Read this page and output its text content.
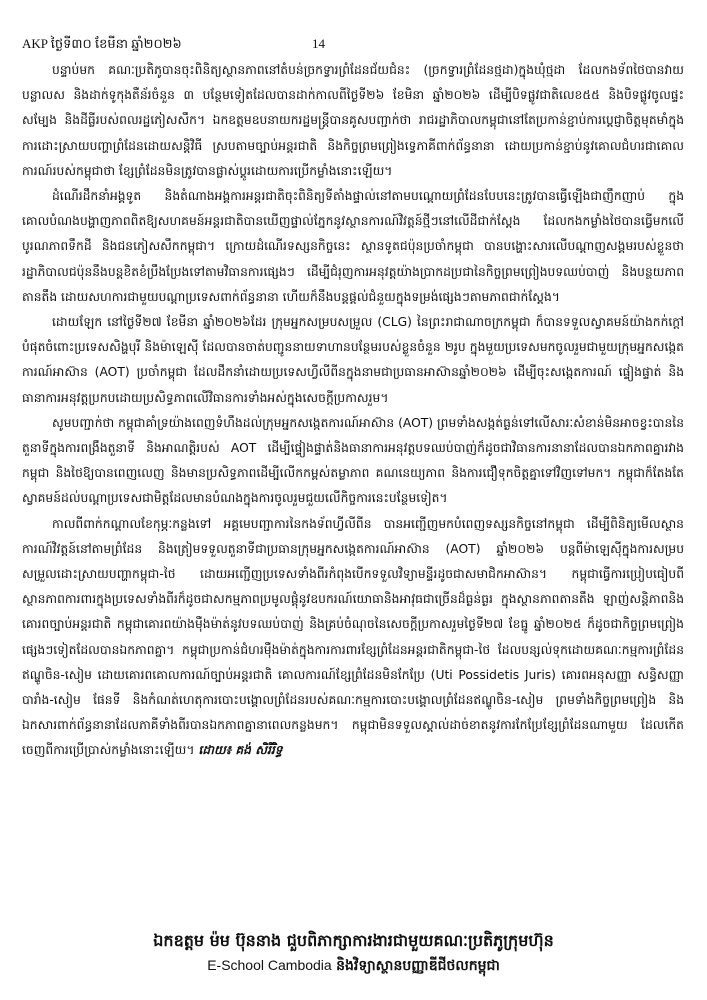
AKP ថ្ងៃទី៣០ ខែមីនា ឆ្នាំ២០២៦	14

បន្ទាប់មក គណៈប្រតិភូបានចុះពិនិត្យស្ថានភាពនៅតំបន់ច្រកទ្វារព្រំដែនជ័យជំនះ (ច្រកទ្វារព្រំដែនថ្មដា)ក្នុងឃុំថ្មដា ដែលកងទ័ពថៃបានវាយបន្លាលស និងដាក់ទូកុងតឺន័រចំនួន ៣ បន្ថែមទៀតដែលបានដាក់កាលពីថ្ងៃទី២៦ ខែមិនា ឆ្នាំ២០២៦ ដើម្បីបិទផ្លូវជាតិលេខ៥៥ និងបិទផ្លូវចូលផ្ទះសម្បែង និងដីធ្លីរបស់ពលរដ្ឋភៀសសឹក។ ឯកឧត្តមឧបនាយករដ្ឋមន្ត្រីបានគូសបញ្ជាក់ថា រាជរដ្ឋាភិបាលកម្ពុជានៅតែប្រកាន់ខ្ជាប់ការប្តេជ្ញាចិត្តមុតមាំក្នុងការដោះស្រាយបញ្ហាព្រំដែនដោយសន្តិវិធី ស្របតាមច្បាប់អន្តរជាតិ និងកិច្ចព្រមព្រៀងទ្វេភាគីពាក់ព័ន្ធនានា ដោយប្រកាន់ខ្ជាប់នូវគោលជំហរជាគោលការណ៍របស់កម្ពុជាថា ខ្សែព្រំដែនមិនត្រូវបានផ្លាស់ប្តូរដោយការប្រើកម្លាំងនោះឡើយ។

ដំណើរដឹកនាំអង្គទូត និងតំណាងអង្គការអន្តរជាតិចុះពិនិត្យទីតាំងផ្ទាល់នៅតាមបណ្តោយព្រំដែនបែបនេះត្រូវបានធ្វើឡើងជាញឹកញាប់ ក្នុងគោលបំណងបង្ហាញភាពពិតឱ្យសហគមន៍អន្តរជាតិបានឃើញផ្ទាល់ភ្នែកនូវស្ថានការណ៍វិវត្តន៍ថ្មីៗនៅលើដីជាក់ស្តែង ដែលកងកម្លាំងថៃបានធ្វើមកលើបូរណភាពទឹកដី និងជនភៀសសឹកកម្ពុជា។ ក្រោយដំណើរទស្សនកិច្ចនេះ ស្ថានទូតជប៉ុនប្រចាំកម្ពុជា បានបង្ហោះសារលើបណ្តាញសង្គមរបស់ខ្លួនថា រដ្ឋាភិបាលជប៉ុននឹងបន្តខិតខំប្រឹងប្រែងទៅតាមវិធានការផ្សេងៗ ដើម្បីជំរុញការអនុវត្តយ៉ាងប្រាកដប្រជានៃកិច្ចព្រមព្រៀងបទឈប់បាញ់ និងបន្ថយភាពតានតឹង ដោយសហការជាមួយបណ្តាប្រទេសពាក់ព័ន្ធនានា ហើយក៏នឹងបន្តផ្តល់ជំនួយក្នុងទម្រង់ផ្សេងៗតាមភាពជាក់ស្តែង។

ដោយឡែក នៅថ្ងៃទី២៧ ខែមីនា ឆ្នាំ២០២៦ដែរ ក្រុមអ្នកសម្របសម្រួល (CLG) នៃព្រះរាជាណាចក្រកម្ពុជា ក៏បានទទួលស្វាគមន៍យ៉ាងកក់ក្តៅបំផុតចំពោះប្រទេសសិង្ហបុរី និងម៉ាឡេស៊ី ដែលបានចាត់បញ្ជូននាយទាហានបន្ថែមរបស់ខ្លួនចំនួន ២រូប ក្នុងមួយប្រទេសមកចូលរួមជាមួយក្រុមអ្នកសង្កេតការណ៍អាស៊ាន (AOT) ប្រចាំកម្ពុជា ដែលដឹកនាំដោយប្រទេសហ្វីលីពីនក្នុងនាមជាប្រធានអាស៊ានឆ្នាំ២០២៦ ដើម្បីចុះសង្កេតការណ៍ ផ្ទៀងផ្ទាត់ និងធានាការអនុវត្តប្រកបដោយប្រសិទ្ធភាពលើវិធានការទាំងអស់ក្នុងសេចក្តីប្រកាសរួម។

សូមបញ្ជាក់ថា កម្ពុជាគាំទ្រយ៉ាងពេញទំហឹងដល់ក្រុមអ្នកសង្កេតការណ៍អាស៊ាន (AOT) ព្រមទាំងសង្កត់ធ្ងន់ទៅលើសារៈសំខាន់មិនអាចខ្វះបាននៃតួនាទីក្នុងការពង្រឹងតួនាទី និងអាណត្តិរបស់ AOT ដើម្បីផ្ទៀងផ្ទាត់និងធានាការអនុវត្តបទឈប់បាញ់ក៏ដូចជាវិធានការនានាដែលបានឯកភាពគ្នារវាងកម្ពុជា និងថៃឱ្យបានពេញលេញ និងមានប្រសិទ្ធភាពដើម្បីលើកកម្ពស់តម្លាភាព គណនេយ្យភាព និងការជឿទុកចិត្តគ្នាទៅវិញទៅមក។ កម្ពុជាក៏តែងតែស្វាគមន៍ដល់បណ្តាប្រទេសជាមិត្តដែលមានបំណងក្នុងការចូលរួមជួយលើកិច្ចការនេះបន្ថែមទៀត។

កាលពីពាក់កណ្តាលខែកុម្ភៈកន្លងទៅ អគ្គមេបញ្ជាការនៃកងទ័ពហ្វីលីពីន បានអញ្ជើញមកបំពេញទស្សនកិច្ចនៅកម្ពុជា ដើម្បីពិនិត្យមើលស្ថានការណ៍វិវត្តន៍នៅតាមព្រំដែន និងត្រៀមទទួលតួនាទីជាប្រធានក្រុមអ្នកសង្កេតការណ៍អាស៊ាន (AOT) ឆ្នាំ២០២៦ បន្តពីម៉ាឡេស៊ីក្នុងការសម្របសម្រួលដោះស្រាយបញ្ហាកម្ពុជា-ថៃ ដោយអញ្ជើញប្រទេសទាំងពីរកំពុងបើកទទួលវិទ្យាមន្ទីរដូចជាសមាជិកអាស៊ាន។ កម្ពុជាធ្វើការប្រៀបធៀបពីស្ថានភាពការពារក្នុងប្រទេសទាំងពីរក៏ដូចជាសកម្មភាពប្រមូលផ្តុំនូវឧបករណ៍យោធានិងអាវុធជាច្រើនដ៏ធ្ងន់ធ្ងរ ក្នុងស្ថានភាពតានតឹង ឡាញ់សន្តិភាពនិងគោរពច្បាប់អន្តរជាតិ កម្ពុជាគោរពយ៉ាងម៉ឺងម៉ាត់នូវបទឈប់បាញ់ និងគ្រប់ចំណុចនៃសេចក្តីប្រកាសរួមថ្ងៃទី២៧ ខែធ្នូ ឆ្នាំ២០២៥ ក៏ដូចជាកិច្ចព្រមព្រៀងផ្សេងៗទៀតដែលបានឯកភាពគ្នា។ កម្ពុជាប្រកាន់ជំហរម៉ឺងម៉ាត់ក្នុងការការពារខ្សែព្រំដែនអន្តរជាតិកម្ពុជា-ថៃ ដែលបន្សល់ទុកដោយគណៈកម្មការព្រំដែនឥណ្ឌូចិន-សៀម ដោយគោរពគោលការណ៍ច្បាប់អន្តរជាតិ គោលការណ៍ខ្សែព្រំដែនមិនកែប្រែ (Uti Possidetis Juris) គោរពអនុសញ្ញា សន្ធិសញ្ញាបារាំង-សៀម ផែនទី និងកំណត់ហេតុការបោះបង្គោលព្រំដែនរបស់គណៈកម្មការបោះបង្គោលព្រំដែនឥណ្ឌូចិន-សៀម ព្រមទាំងកិច្ចព្រមព្រៀង និងឯកសារពាក់ព័ន្ធនានាដែលភាគីទាំងពីរបានឯកភាពគ្នានាពេលកន្លងមក។ កម្ពុជាមិនទទួលស្គាល់ដាច់ខាតនូវការកែប្រែខ្សែព្រំដែនណាមួយ ដែលកើតចេញពីការប្រើប្រាស់កម្លាំងនោះឡើយ។ ដោយ៖ គង់ សិរីរិទ្ធ

ឯកឧត្តម ម៉ម ប៊ុននាង ជួបពិភាក្សាការងារជាមួយគណៈប្រតិភូក្រុមហ៊ុន
E-School Cambodia និងវិទ្យាស្ថានបញ្ញាឌីជីថលកម្ពុជា
